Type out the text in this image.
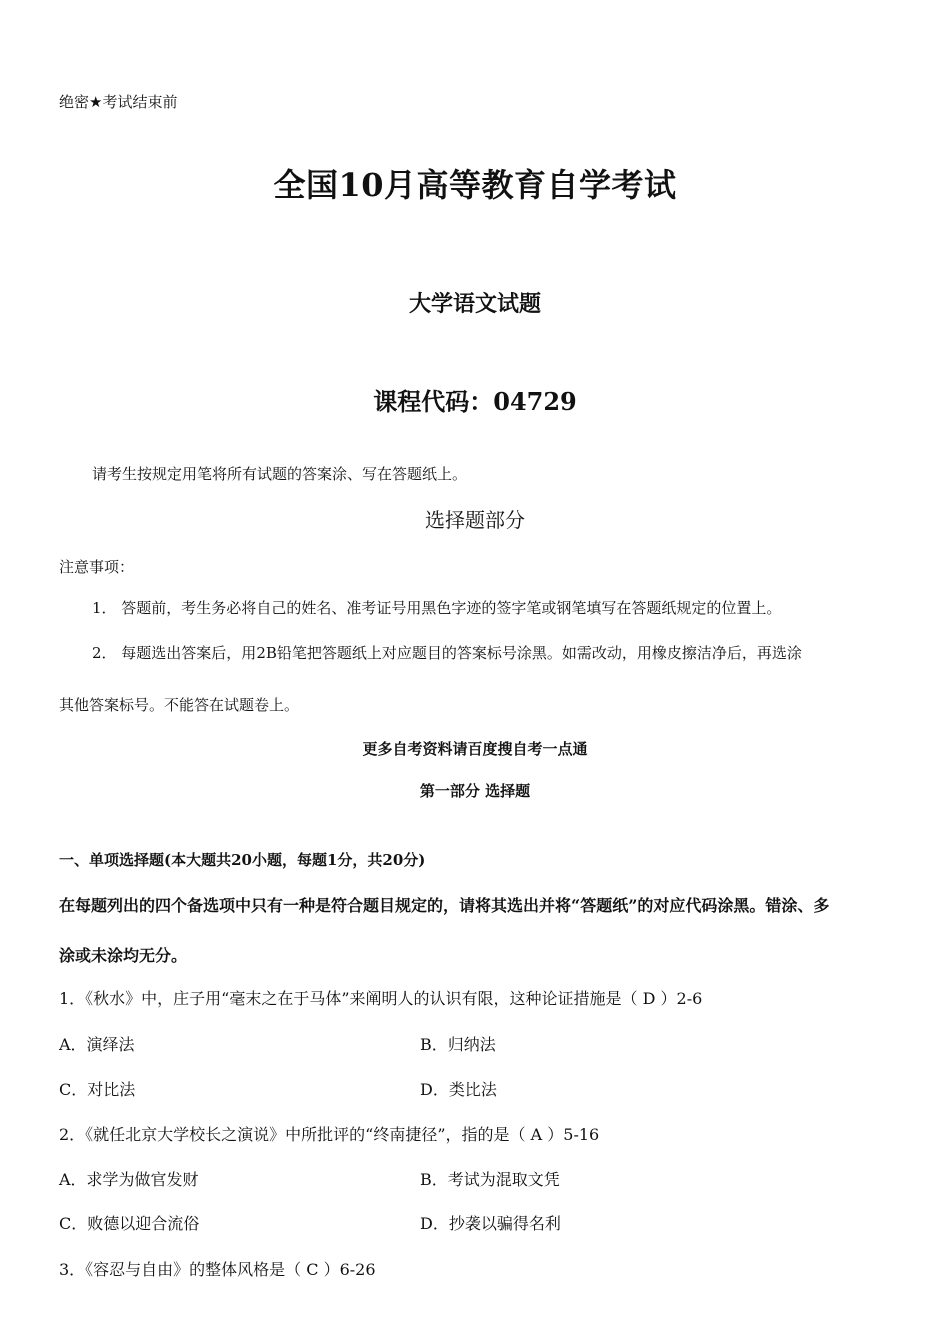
绝密★考试结束前
全国10月高等教育自学考试
大学语文试题
课程代码：04729
请考生按规定用笔将所有试题的答案涂、写在答题纸上。
选择题部分
注意事项：
1． 答题前，考生务必将自己的姓名、准考证号用黑色字迹的签字笔或钢笔填写在答题纸规定的位置上。
2． 每题选出答案后，用2B铅笔把答题纸上对应题目的答案标号涂黑。如需改动，用橡皮擦洁净后，再选涂
其他答案标号。不能答在试题卷上。
更多自考资料请百度搜自考一点通
第一部分 选择题
一、单项选择题(本大题共20小题，每题1分，共20分)
在每题列出的四个备选项中只有一种是符合题目规定的，请将其选出并将“答题纸”的对应代码涂黑。错涂、多
涂或未涂均无分。
1．《秋水》中，庄子用“毫末之在于马体”来阐明人的认识有限，这种论证措施是（ D ）2-6
A．演绎法	B．归纳法
C．对比法	D．类比法
2．《就任北京大学校长之演说》中所批评的“终南捷径”，指的是（ A ）5-16
A．求学为做官发财	B．考试为混取文凭
C．败德以迎合流俗	D．抄袭以骗得名利
3．《容忍与自由》的整体风格是（ C ）6-26
